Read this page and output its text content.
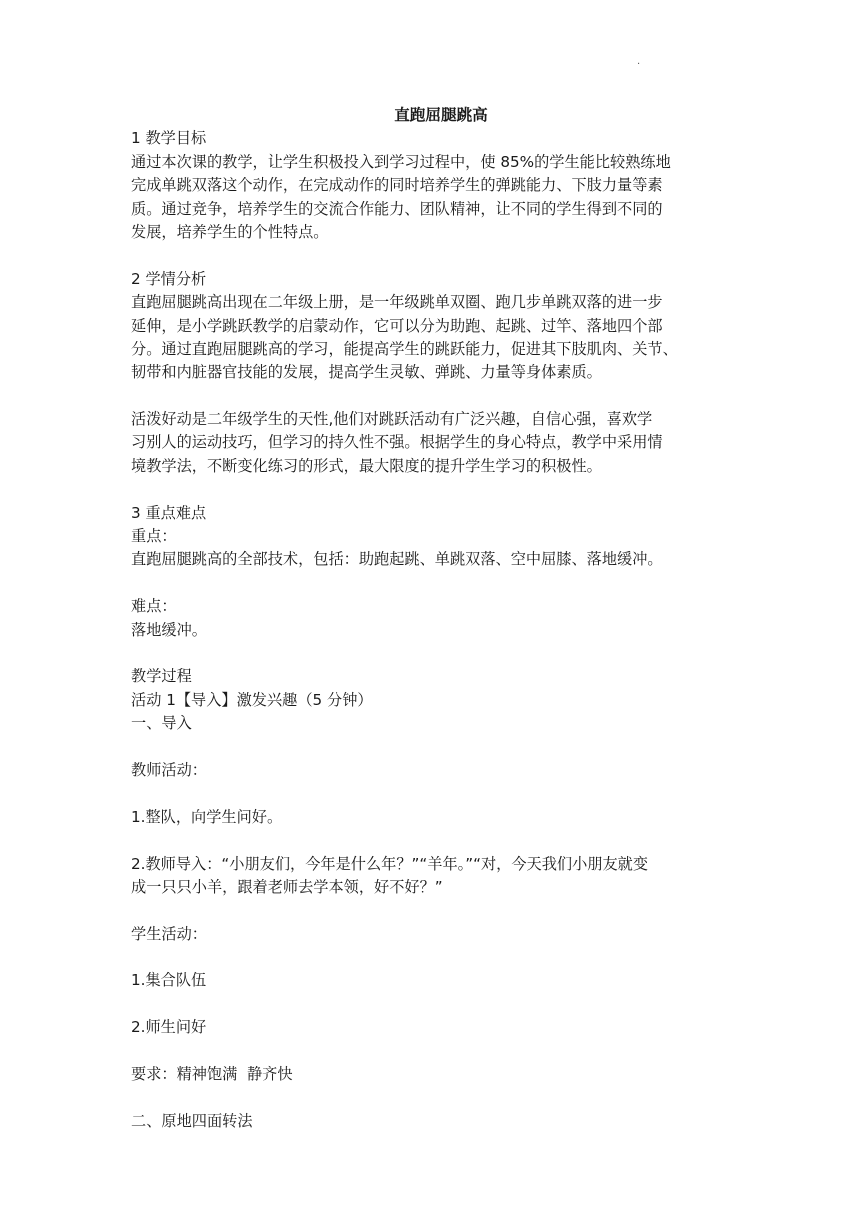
·

直跑屈腿跳高

1 教学目标

通过本次课的教学，让学生积极投入到学习过程中，使 85%的学生能比较熟练地

完成单跳双落这个动作，在完成动作的同时培养学生的弹跳能力、下肢力量等素

质。通过竞争，培养学生的交流合作能力、团队精神，让不同的学生得到不同的

发展，培养学生的个性特点。

2 学情分析

直跑屈腿跳高出现在二年级上册，是一年级跳单双圈、跑几步单跳双落的进一步

延伸，是小学跳跃教学的启蒙动作，它可以分为助跑、起跳、过竿、落地四个部

分。通过直跑屈腿跳高的学习，能提高学生的跳跃能力，促进其下肢肌肉、关节、

韧带和内脏器官技能的发展，提高学生灵敏、弹跳、力量等身体素质。

活泼好动是二年级学生的天性,他们对跳跃活动有广泛兴趣，自信心强，喜欢学

习别人的运动技巧，但学习的持久性不强。根据学生的身心特点，教学中采用情

境教学法，不断变化练习的形式，最大限度的提升学生学习的积极性。

3 重点难点

重点：

直跑屈腿跳高的全部技术，包括：助跑起跳、单跳双落、空中屈膝、落地缓冲。

难点：

落地缓冲。

教学过程

活动 1【导入】激发兴趣（5 分钟）

一、导入

教师活动：

1.整队，向学生问好。

2.教师导入：“小朋友们，今年是什么年？”“羊年。”“对，今天我们小朋友就变

成一只只小羊，跟着老师去学本领，好不好？”

学生活动：

1.集合队伍

2.师生问好

要求：精神饱满  静齐快

二、原地四面转法
